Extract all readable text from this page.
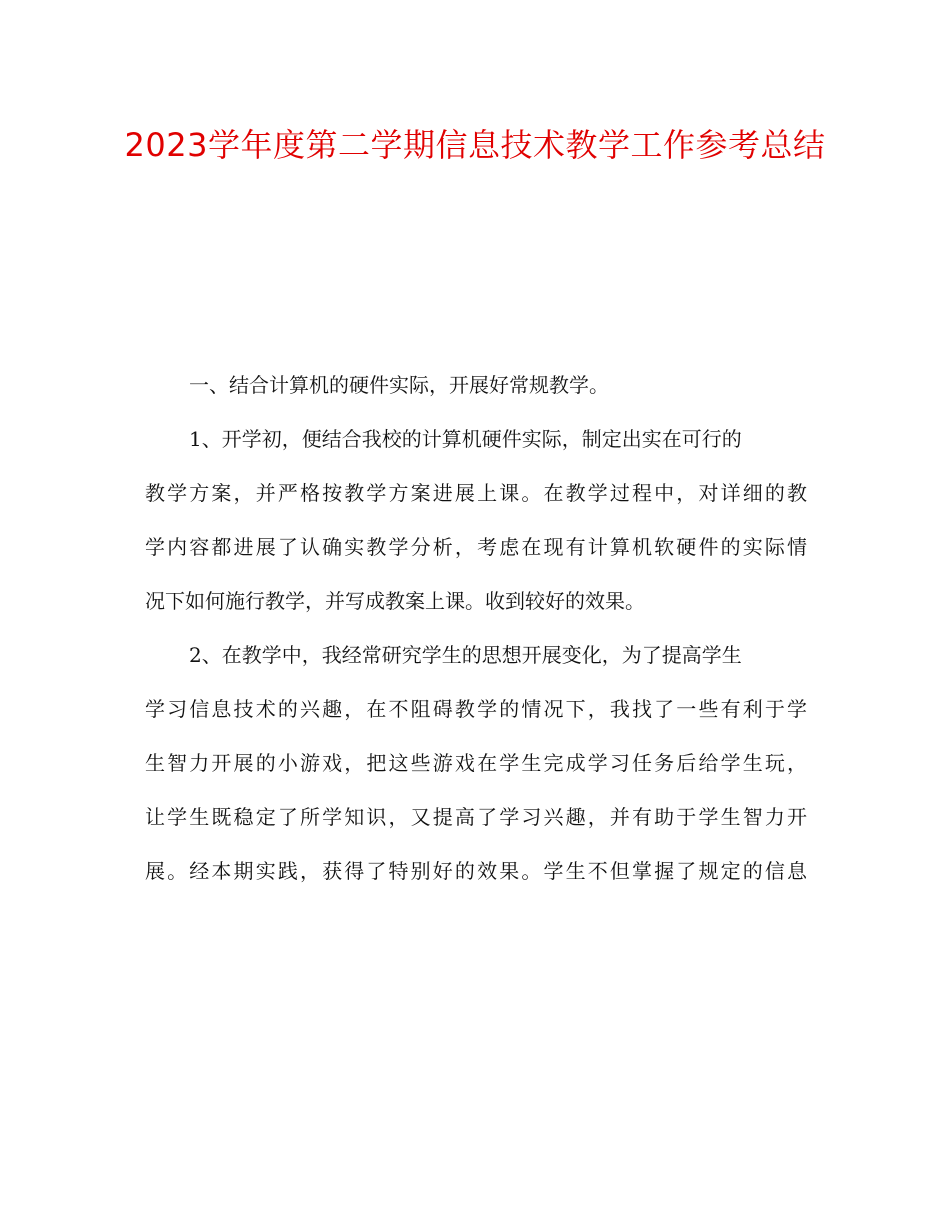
2023学年度第二学期信息技术教学工作参考总结
一、结合计算机的硬件实际，开展好常规教学。
1、开学初，便结合我校的计算机硬件实际，制定出实在可行的
教学方案，并严格按教学方案进展上课。在教学过程中，对详细的教
学内容都进展了认确实教学分析，考虑在现有计算机软硬件的实际情
况下如何施行教学，并写成教案上课。收到较好的效果。
2、在教学中，我经常研究学生的思想开展变化，为了提高学生
学习信息技术的兴趣，在不阻碍教学的情况下，我找了一些有利于学
生智力开展的小游戏，把这些游戏在学生完成学习任务后给学生玩，
让学生既稳定了所学知识，又提高了学习兴趣，并有助于学生智力开
展。经本期实践，获得了特别好的效果。学生不但掌握了规定的信息
